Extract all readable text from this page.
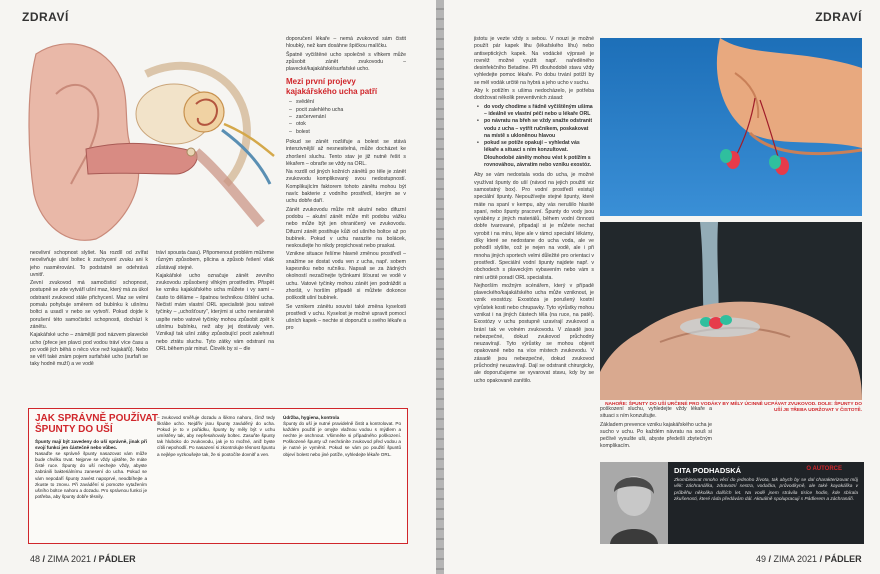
ZDRAVÍ

neovlivní schopnost slyšet. Na rozdíl od zvířat neovlivňuje ušní boltec k zachycení zvuku ani k jeho nasměrování. To podstatně se odehrává uvnitř.

Zevní zvukovod má samočisticí schopnost, postupně se zde vytváří ušní maz, který má za úkol odstranit zvukovod stále přichycení. Maz se velmi pomalu pohybuje směrem od bubínku k ušnímu boltci a usadí v nebo se vytvoří. Pokud dojde k porušení této samočisticí schopnosti, dochází k zánětu.

Kajakářské ucho – známější pod názvem plavecké ucho (přece jen plavci pod vodou tráví více času a po vodě jich běhá o něco více než kajakářů). Nebo se věří také znám pojem surfařské ucho (surfaři se taky hodně muží) a ve vodě

tráví spousta času). Připomenout problém můžeme různým způsobem, plícina a způsob řešení však zůstávají stejné.

Kajakářské ucho označuje zánět zevního zvukovodu způsobený vlhkým prostředím. Přispět ke vzniku kajakářského ucha můžete i vy sami – často to děláme – špatnou technikou čištění ucha. Nečistí mám vlastní ORL specialisté jsou vatové tyčinky – „uchošťoury", kterými si ucho nenávratně uspíte nebo vatové tyčinky mohou způsobit zpět k ušnímu bubínku, než aby jej dostávaly ven. Vznikají tak ušní zátky způsobující pocit zalehnutí nebo ztrátu sluchu. Tyto zátky vám odstraní na ORL během pár minut. Člověk by si – dle

doporučení lékaře – nemá zvukovod sám čistit hloubký, než kam dosáhne špičkou malíčku.

Špatně vyčištěné ucho společně s vlhkem může způsobit zánět zvukovodu – plavecké/kajakářské/surfařské ucho.

Mezi první projevy kajakářského ucha patří
– svědění
– pocit zalehlého ucha
– zarčervenání
– otok
– bolest

Pokud se zánět rozšiřuje a bolest se stává intenzivnější až nesnesitelná, může docházet ke zhoršení sluchu. Tento stav je již nutně řešit s lékařem – obraťte se vždy na ORL.

Na rozdíl od jiných kožních zánětů po těle je zánět zvukovodu komplikovaný svou nedostupností. Komplikujícím faktorem tohoto zánětu mohou být navíc bakterie z vodního prostředí, kterým se v uchu dobře daří.

Zánět zvukovodu může mít akutní nebo difuzní podobu – akutní zánět může mít podobu vážku nebo může být jen ohraničený ve zvukovodu. Difuzní zánět postihuje kůži od ušního boltce až po bubínek. Pokud v uchu narazíte na bolácek, neskoušejte ho nikdy propichovat nebo praskat.

Vznikne situace řešíme hlavně změnou prostředí – snažíme se dostat vodu ven z ucha, např. sobem kapesníku nebo ručníku. Napsali se za žádných okolností nezačínejte tyčinkami šťourat ve vodě v uchu. Vatové tyčinky mohou zánět jen podráždit a zhoršit, v horším případě si můžete dokonce poškodit ušní bubínek.

Se vznikem zánětu souvisí také změna kyselosti prostředí v uchu. Kyselost je možné upravit pomocí ušních kapek – nechte si doporučit u svého lékaře a pro

JAK SPRÁVNĚ POUŽÍVAT ŠPUNTY DO UŠÍ
Špunty mají být zavedeny do uší správně, jinak při svojí funkci jen částečně nebo vůbec.
Nasaďte se správně špunty nasazovat vám může bude chvilku trvat. Nejprve se vždy ujistěte, že máte čisté ruce. Špunty do uší nechejte vždy, abyste zabránili bakteriálnímu zanesení do ucha. Pokud se vám nepodaří špunty zavést napoprvé, neodbíhejte a zkuste to znovu. Při zavádění si pomozte vytažením ušního boltce nahoru a dozadu. Pro správnou funkci je potřeba, aby špunty dobře těsnily.
– zvukovod směřuje dozadu a šikmo nahoru, čímž tedy škrábe ucho. Nejdřív jsou špunty zaváděný do ucha. Pokud je to v pořádku, špunty by měly být v uchu umístěny tak, aby nepřesahovaly boltec. Zasuňte špunty tak hluboko do zvukovodu, jak je to možné, aniž byste cítili nepohodlí. Po nasazení si zkontrolujte těsnost špuntu a nejlépe vyzkoušejte tak, že si pootočíte dovnitř a ven.
Údržba, hygiena, kontrola
Špunty do uší je nutné pravidelně čistit a kontrolovat. Po každém použití je omyjte vlažnou vodou s mýdlem a nechte je oschnout. Všimněte si případného poškození. Poškozené špunty už nechráníte zvukovod před vodou a je nutné je vyměnit. Pokud se vám po použití špuntů objeví bolest nebo jiné potíže, vyhledejte lékaře ORL.
48 / ZIMA 2021 / PÁDLER
ZDRAVÍ

jistotu je vezte vždy s sebou. V nouzi je možné použít pár kapek lihu (lékařského lihu) nebo antiseptických kapek. Na vodácké výpravě je rovněž možné využít např. naředěného desinfekčního Betadine. Při dlouhodobě stavu vždy vyhledejte pomoc lékaře. Po dobu trvání potíží by se měl vodák určitě na hybrá a jeho ucho v suchu.

Aby k potížím s ušima nedocházelo, je potřeba dodržovat několik preventivních zásad:

• do vody chodíme s řádně vyčištěným ušima – ideálně ve vlastní péči nebo u lékaře ORL
• po návratu na břeh se vždy snažte odstranit vodu z ucha – vytřít ručníkem, poskakovat na místě s ukloněnou hlavou
• pokud se potíže opakují – vyhledat vás lékaře a situaci s ním konzultovat. Dlouhodobé záněty mohou vést k potížím s rovnováhou, závratím nebo vzniku exostóz.

Aby se vám nedostala voda do ucha, je možné využívat špunty do uší (návod na jejich použití viz samostatný box). Pro vodní prostředí existují speciální špunty. Nepoužívejte stejné špunty, které máte na spaní v kempu, aby vás nerušilo hlasité spaní, nebo špunty pracovní. Špunty do vody jsou vyráběny z jiných materiálů, během vodní činnosti dobře tvarované, připadají si je můžete nechat vyrobit i na míru, lépe ale v rámci specialní lékárny, díky které se nedostane do ucha voda, ale ve pohodlí slyšíte, což je nejen na vodě, ale i při mnoha jiných sportech velmi důležité pro orientaci v prostředí. Speciální vodní špunty najdete např. v obchodech s plaveckým vybavením nebo vám s nimi určitě poradí ORL specialista.

Nejhorším možným scénářem, který v případě plaveckého/kajakářského ucha může vzniknout, je vznik exostózy. Exostóza je porušený kostní výrůstek kosti nebo chrupavky. Tyto výrůstky mohou vznikat i na jiných částech těla (na ruce, na patě). Exostózy v uchu postupně uzavírají zvukovod a brání tak ve volném zvukovodu. V zásadě jsou nebezpečné, dokud zvukovod průchodný neuzavírají. Tyto výrůstky se mohou objevit opakovaně nebo na více místech zvukovodu. V zásadě jsou nebezpečné, dokud zvukovod průchodný neuzavírají. Dají se odstranit chirurgicky, ale doporučujeme se vyvarovat stavu, kdy by se ucho opakovaně zanítilo.

poškození sluchu, vyhledejte vždy lékaře a situaci s ním konzultujte.

Základem prevence vzniku kajakářského ucha je sucho v uchu. Po každém návratu na souš si pečlivě vysušte uši, abyste předešli zbytečným komplikacím.

NAHOŘE: ŠPUNTY DO UŠÍ URČENÉ PRO VODÁKY BY MĚLY ÚCINNĚ UCPÁVAT ZVUKOVOD. DOLE: ŠPUNTY DO UŠÍ JE TŘEBA UDRŽOVAT V ČISTOTĚ.
DITA PODHADSKÁ	O AUTORCE
Zkombinovat mnoho věcí do jednoho života, tak abych by se dal charakterizovat můj věk: záchranářka, zdravotní sestra, vodačka, průvodkyně, ale také kayakářka v průběhu několika dalších let. Na vodě jsem strávila tisíce hodin, kde sbírala zkušenosti, které ráda předávám dál. Aktuálně spolupracuji s Pádlerem a záchranáři.
49 / ZIMA 2021 / PÁDLER
